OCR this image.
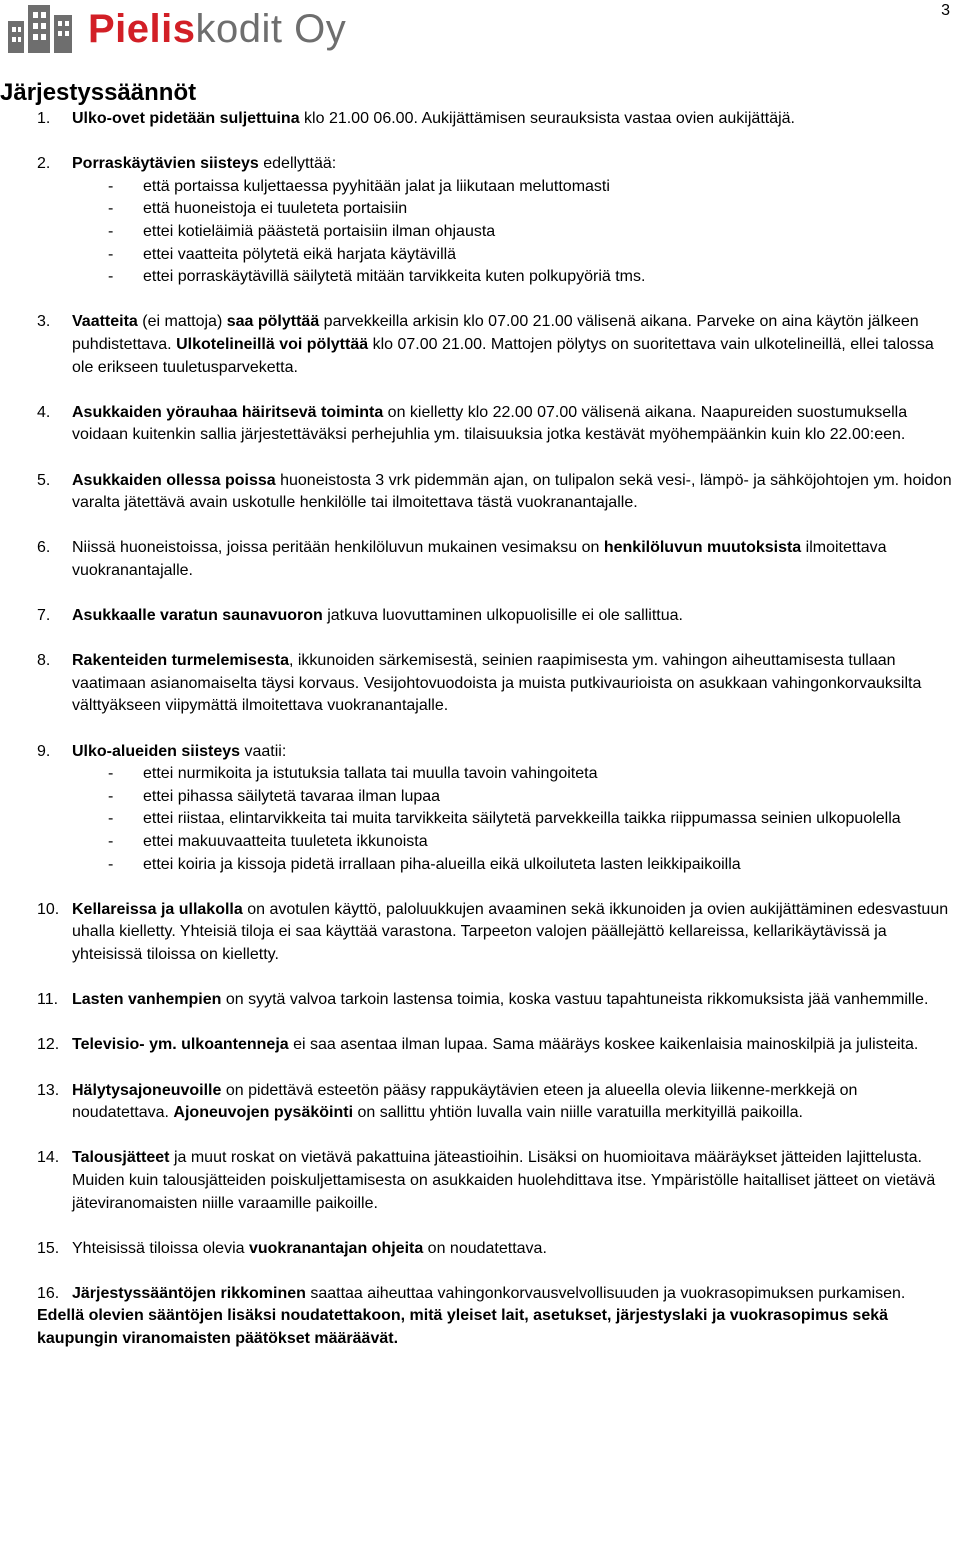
3
Pieliskodit Oy
Järjestyssäännöt
1. Ulko-ovet pidetään suljettuina klo 21.00 06.00. Aukijättämisen seurauksista vastaa ovien aukijättäjä.
2. Porraskäytävien siisteys edellyttää:
- että portaissa kuljettaessa pyyhitään jalat ja liikutaan meluttomasti
- että huoneistoja ei tuuleteta portaisiin
- ettei kotieläimiä päästetä portaisiin ilman ohjausta
- ettei vaatteita pölytetä eikä harjata käytävillä
- ettei porraskäytävillä säilytetä mitään tarvikkeita kuten polkupyöriä tms.
3. Vaatteita (ei mattoja) saa pölyttää parvekkeilla arkisin klo 07.00 21.00 välisenä aikana. Parveke on aina käytön jälkeen puhdistettava. Ulkotelineillä voi pölyttää klo 07.00 21.00. Mattojen pölytys on suoritettava vain ulkotelineillä, ellei talossa ole erikseen tuuletusparveketta.
4. Asukkaiden yörauhaa häiritsevä toiminta on kielletty klo 22.00 07.00 välisenä aikana. Naapureiden suostumuksella voidaan kuitenkin sallia järjestettäväksi perhejuhlia ym. tilaisuuksia jotka kestävät myöhempäänkin kuin klo 22.00:een.
5. Asukkaiden ollessa poissa huoneistosta 3 vrk pidemmän ajan, on tulipalon sekä vesi-, lämpö- ja sähköjohtojen ym. hoidon varalta jätettävä avain uskotulle henkilölle tai ilmoitettava tästä vuokranantajalle.
6. Niissä huoneistoissa, joissa peritään henkilöluvun mukainen vesimaksu on henkilöluvun muutoksista ilmoitettava vuokranantajalle.
7. Asukkaalle varatun saunavuoron jatkuva luovuttaminen ulkopuolisille ei ole sallittua.
8. Rakenteiden turmelemisesta, ikkunoiden särkemisestä, seinien raapimisesta ym. vahingon aiheuttamisesta tullaan vaatimaan asianomaiselta täysi korvaus. Vesijohtovuodoista ja muista putkivaurioista on asukkaan vahingonkorvauksilta välttyäkseen viipymättä ilmoitettava vuokranantajalle.
9. Ulko-alueiden siisteys vaatii:
- ettei nurmikoita ja istutuksia tallata tai muulla tavoin vahingoiteta
- ettei pihassa säilytetä tavaraa ilman lupaa
- ettei riistaa, elintarvikkeita tai muita tarvikkeita säilytetä parvekkeilla taikka riippumassa seinien ulkopuolella
- ettei makuuvaatteita tuuleteta ikkunoista
- ettei koiria ja kissoja pidetä irrallaan piha-alueilla eikä ulkoiluteta lasten leikkipaikoilla
10. Kellareissa ja ullakolla on avotulen käyttö, paloluukkujen avaaminen sekä ikkunoiden ja ovien aukijättäminen edesvastuun uhalla kielletty. Yhteisiä tiloja ei saa käyttää varastona. Tarpeeton valojen päällejättö kellareissa, kellarikäytävissä ja yhteisissä tiloissa on kielletty.
11. Lasten vanhempien on syytä valvoa tarkoin lastensa toimia, koska vastuu tapahtuneista rikkomuksista jää vanhemmille.
12. Televisio- ym. ulkoantenneja ei saa asentaa ilman lupaa. Sama määräys koskee kaikenlaisia mainoskilpiä ja julisteita.
13. Hälytysajoneuvoille on pidettävä esteetön pääsy rappukäytävien eteen ja alueella olevia liikenne-merkkejä on noudatettava. Ajoneuvojen pysäköinti on sallittu yhtiön luvalla vain niille varatuilla merkityillä paikoilla.
14. Talousjätteet ja muut roskat on vietävä pakattuina jäteastioihin. Lisäksi on huomioitava määräykset jätteiden lajittelusta. Muiden kuin talousjätteiden poiskuljettamisesta on asukkaiden huolehdittava itse. Ympäristölle haitalliset jätteet on vietävä jäteviranomaisten niille varaamille paikoille.
15. Yhteisissä tiloissa olevia vuokranantajan ohjeita on noudatettava.
16. Järjestyssääntöjen rikkominen saattaa aiheuttaa vahingonkorvausvelvollisuuden ja vuokrasopimuksen purkamisen.
Edellä olevien sääntöjen lisäksi noudatettakoon, mitä yleiset lait, asetukset, järjestyslaki ja vuokrasopimus sekä kaupungin viranomaisten päätökset määräävät.
